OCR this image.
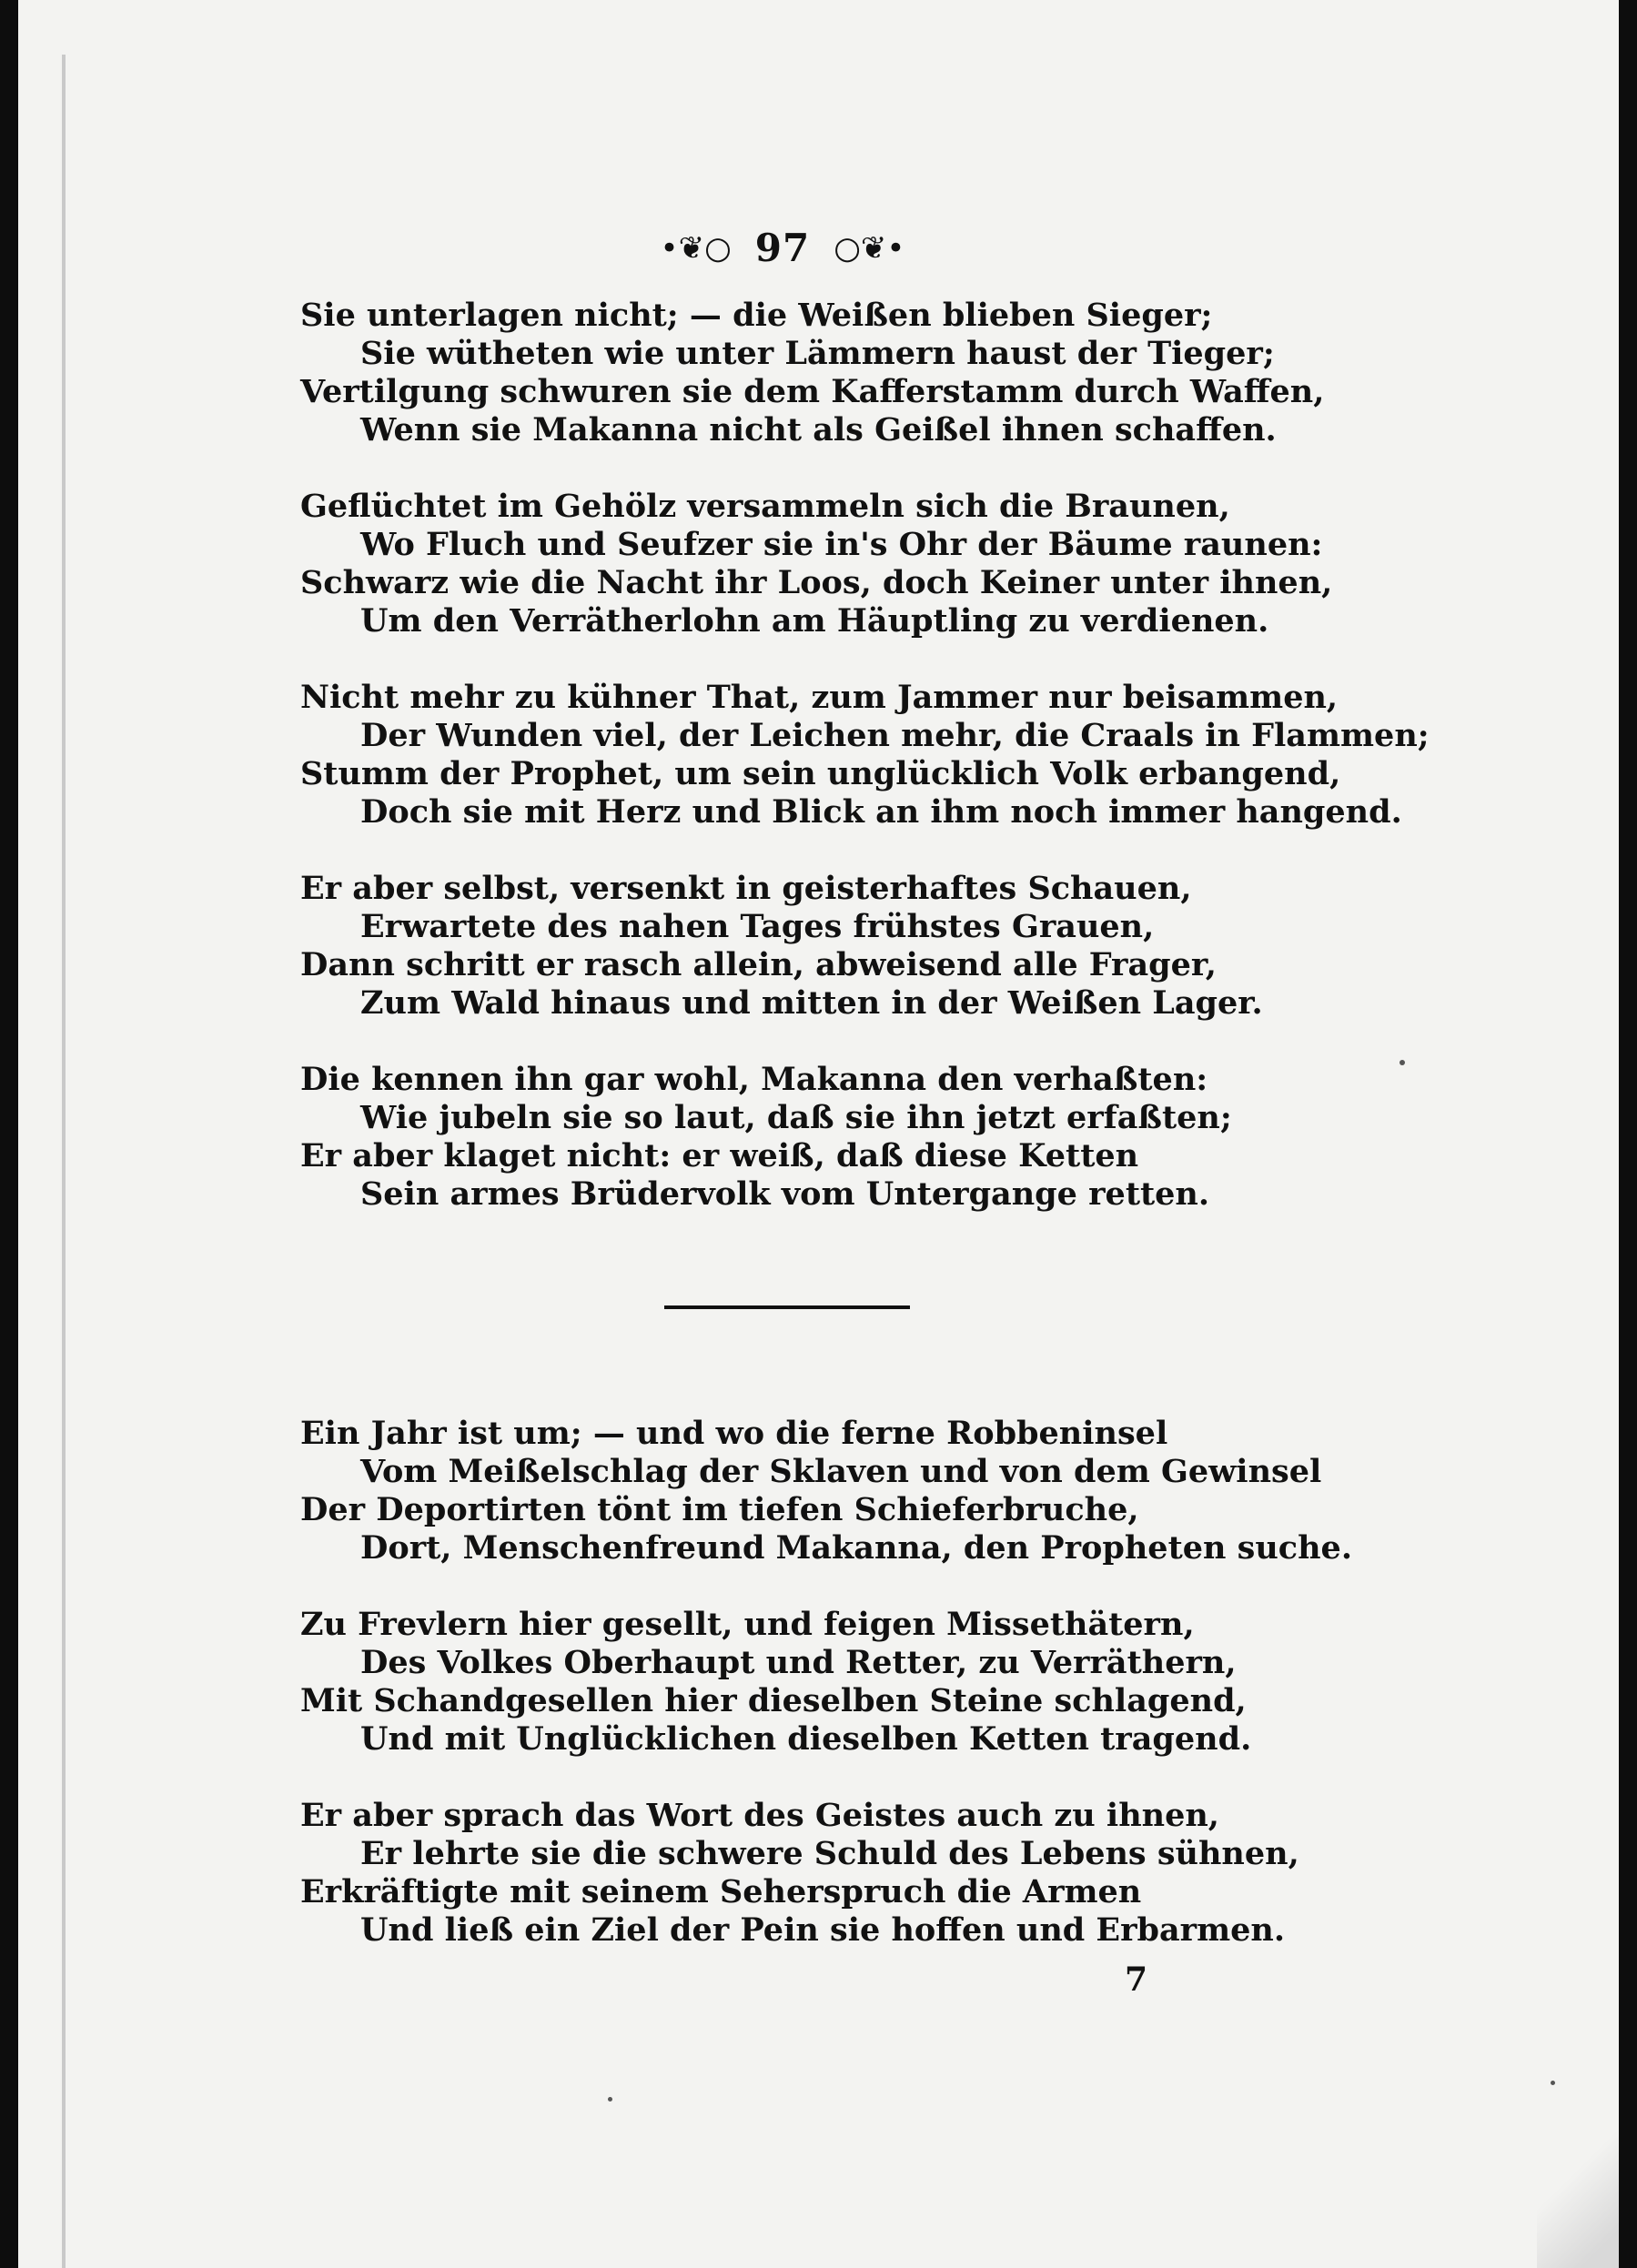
•❦○ 97 ○❦•
Sie unterlagen nicht; — die Weißen blieben Sieger;
Sie wütheten wie unter Lämmern haust der Tieger;
Vertilgung schwuren sie dem Kafferstamm durch Waffen,
Wenn sie Makanna nicht als Geißel ihnen schaffen.
Geflüchtet im Gehölz versammeln sich die Braunen,
Wo Fluch und Seufzer sie in's Ohr der Bäume raunen:
Schwarz wie die Nacht ihr Loos, doch Keiner unter ihnen,
Um den Verrätherlohn am Häuptling zu verdienen.
Nicht mehr zu kühner That, zum Jammer nur beisammen,
Der Wunden viel, der Leichen mehr, die Craals in Flammen;
Stumm der Prophet, um sein unglücklich Volk erbangend,
Doch sie mit Herz und Blick an ihm noch immer hangend.
Er aber selbst, versenkt in geisterhaftes Schauen,
Erwartete des nahen Tages frühstes Grauen,
Dann schritt er rasch allein, abweisend alle Frager,
Zum Wald hinaus und mitten in der Weißen Lager.
Die kennen ihn gar wohl, Makanna den verhaßten:
Wie jubeln sie so laut, daß sie ihn jetzt erfaßten;
Er aber klaget nicht: er weiß, daß diese Ketten
Sein armes Brüdervolk vom Untergange retten.
Ein Jahr ist um; — und wo die ferne Robbeninsel
Vom Meißelschlag der Sklaven und von dem Gewinsel
Der Deportirten tönt im tiefen Schieferbruche,
Dort, Menschenfreund Makanna, den Propheten suche.
Zu Frevlern hier gesellt, und feigen Missethätern,
Des Volkes Oberhaupt und Retter, zu Verräthern,
Mit Schandgesellen hier dieselben Steine schlagend,
Und mit Unglücklichen dieselben Ketten tragend.
Er aber sprach das Wort des Geistes auch zu ihnen,
Er lehrte sie die schwere Schuld des Lebens sühnen,
Erkräftigte mit seinem Seherspruch die Armen
Und ließ ein Ziel der Pein sie hoffen und Erbarmen.
7
